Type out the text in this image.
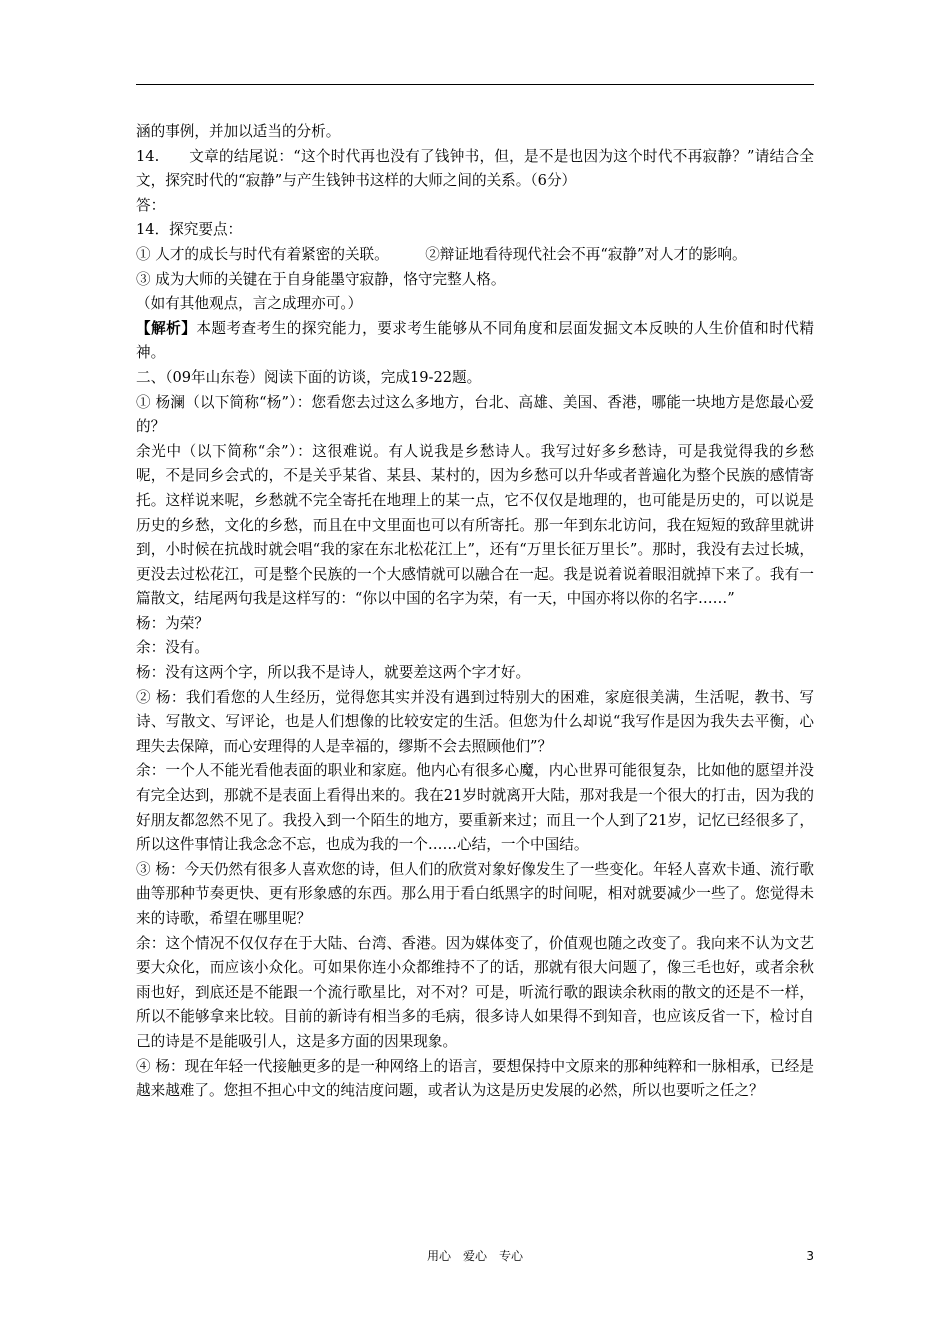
涵的事例，并加以适当的分析。

14.　　文章的结尾说：“这个时代再也没有了钱钟书，但，是不是也因为这个时代不再寂静？”请结合全文，探究时代的“寂静”与产生钱钟书这样的大师之间的关系。（6分）

答：

14．探究要点：

① 人才的成长与时代有着紧密的关联。　　　②辩证地看待现代社会不再“寂静”对人才的影响。

③ 成为大师的关键在于自身能墨守寂静，恪守完整人格。

（如有其他观点，言之成理亦可。）

【解析】本题考查考生的探究能力，要求考生能够从不同角度和层面发掘文本反映的人生价值和时代精神。

二、（09年山东卷）阅读下面的访谈，完成19-22题。

① 杨澜（以下简称“杨”）：您看您去过这么多地方，台北、高雄、美国、香港，哪能一块地方是您最心爱的？

余光中（以下简称“余”）：这很难说。有人说我是乡愁诗人。我写过好多乡愁诗，可是我觉得我的乡愁呢，不是同乡会式的，不是关乎某省、某县、某村的，因为乡愁可以升华或者普遍化为整个民族的感情寄托。这样说来呢，乡愁就不完全寄托在地理上的某一点，它不仅仅是地理的，也可能是历史的，可以说是历史的乡愁，文化的乡愁，而且在中文里面也可以有所寄托。那一年到东北访问，我在短短的致辞里就讲到，小时候在抗战时就会唱“我的家在东北松花江上”，还有“万里长征万里长”。那时，我没有去过长城，更没去过松花江，可是整个民族的一个大感情就可以融合在一起。我是说着说着眼泪就掉下来了。我有一篇散文，结尾两句我是这样写的：“你以中国的名字为荣，有一天，中国亦将以你的名字……”

杨：为荣？

余：没有。

杨：没有这两个字，所以我不是诗人，就要差这两个字才好。

② 杨：我们看您的人生经历，觉得您其实并没有遇到过特别大的困难，家庭很美满，生活呢，教书、写诗、写散文、写评论，也是人们想像的比较安定的生活。但您为什么却说“我写作是因为我失去平衡，心理失去保障，而心安理得的人是幸福的，缪斯不会去照顾他们”？

余：一个人不能光看他表面的职业和家庭。他内心有很多心魔，内心世界可能很复杂，比如他的愿望并没有完全达到，那就不是表面上看得出来的。我在21岁时就离开大陆，那对我是一个很大的打击，因为我的好朋友都忽然不见了。我投入到一个陌生的地方，要重新来过；而且一个人到了21岁，记忆已经很多了，所以这件事情让我念念不忘，也成为我的一个……心结，一个中国结。

③ 杨：今天仍然有很多人喜欢您的诗，但人们的欣赏对象好像发生了一些变化。年轻人喜欢卡通、流行歌曲等那种节奏更快、更有形象感的东西。那么用于看白纸黑字的时间呢，相对就要减少一些了。您觉得未来的诗歌，希望在哪里呢？

余：这个情况不仅仅存在于大陆、台湾、香港。因为媒体变了，价值观也随之改变了。我向来不认为文艺要大众化，而应该小众化。可如果你连小众都维持不了的话，那就有很大问题了，像三毛也好，或者余秋雨也好，到底还是不能跟一个流行歌星比，对不对？可是，听流行歌的跟读余秋雨的散文的还是不一样，所以不能够拿来比较。目前的新诗有相当多的毛病，很多诗人如果得不到知音，也应该反省一下，检讨自己的诗是不是能吸引人，这是多方面的因果现象。

④ 杨：现在年轻一代接触更多的是一种网络上的语言，要想保持中文原来的那种纯粹和一脉相承，已经是越来越难了。您担不担心中文的纯洁度问题，或者认为这是历史发展的必然，所以也要听之任之？

用心　爱心　专心	3
